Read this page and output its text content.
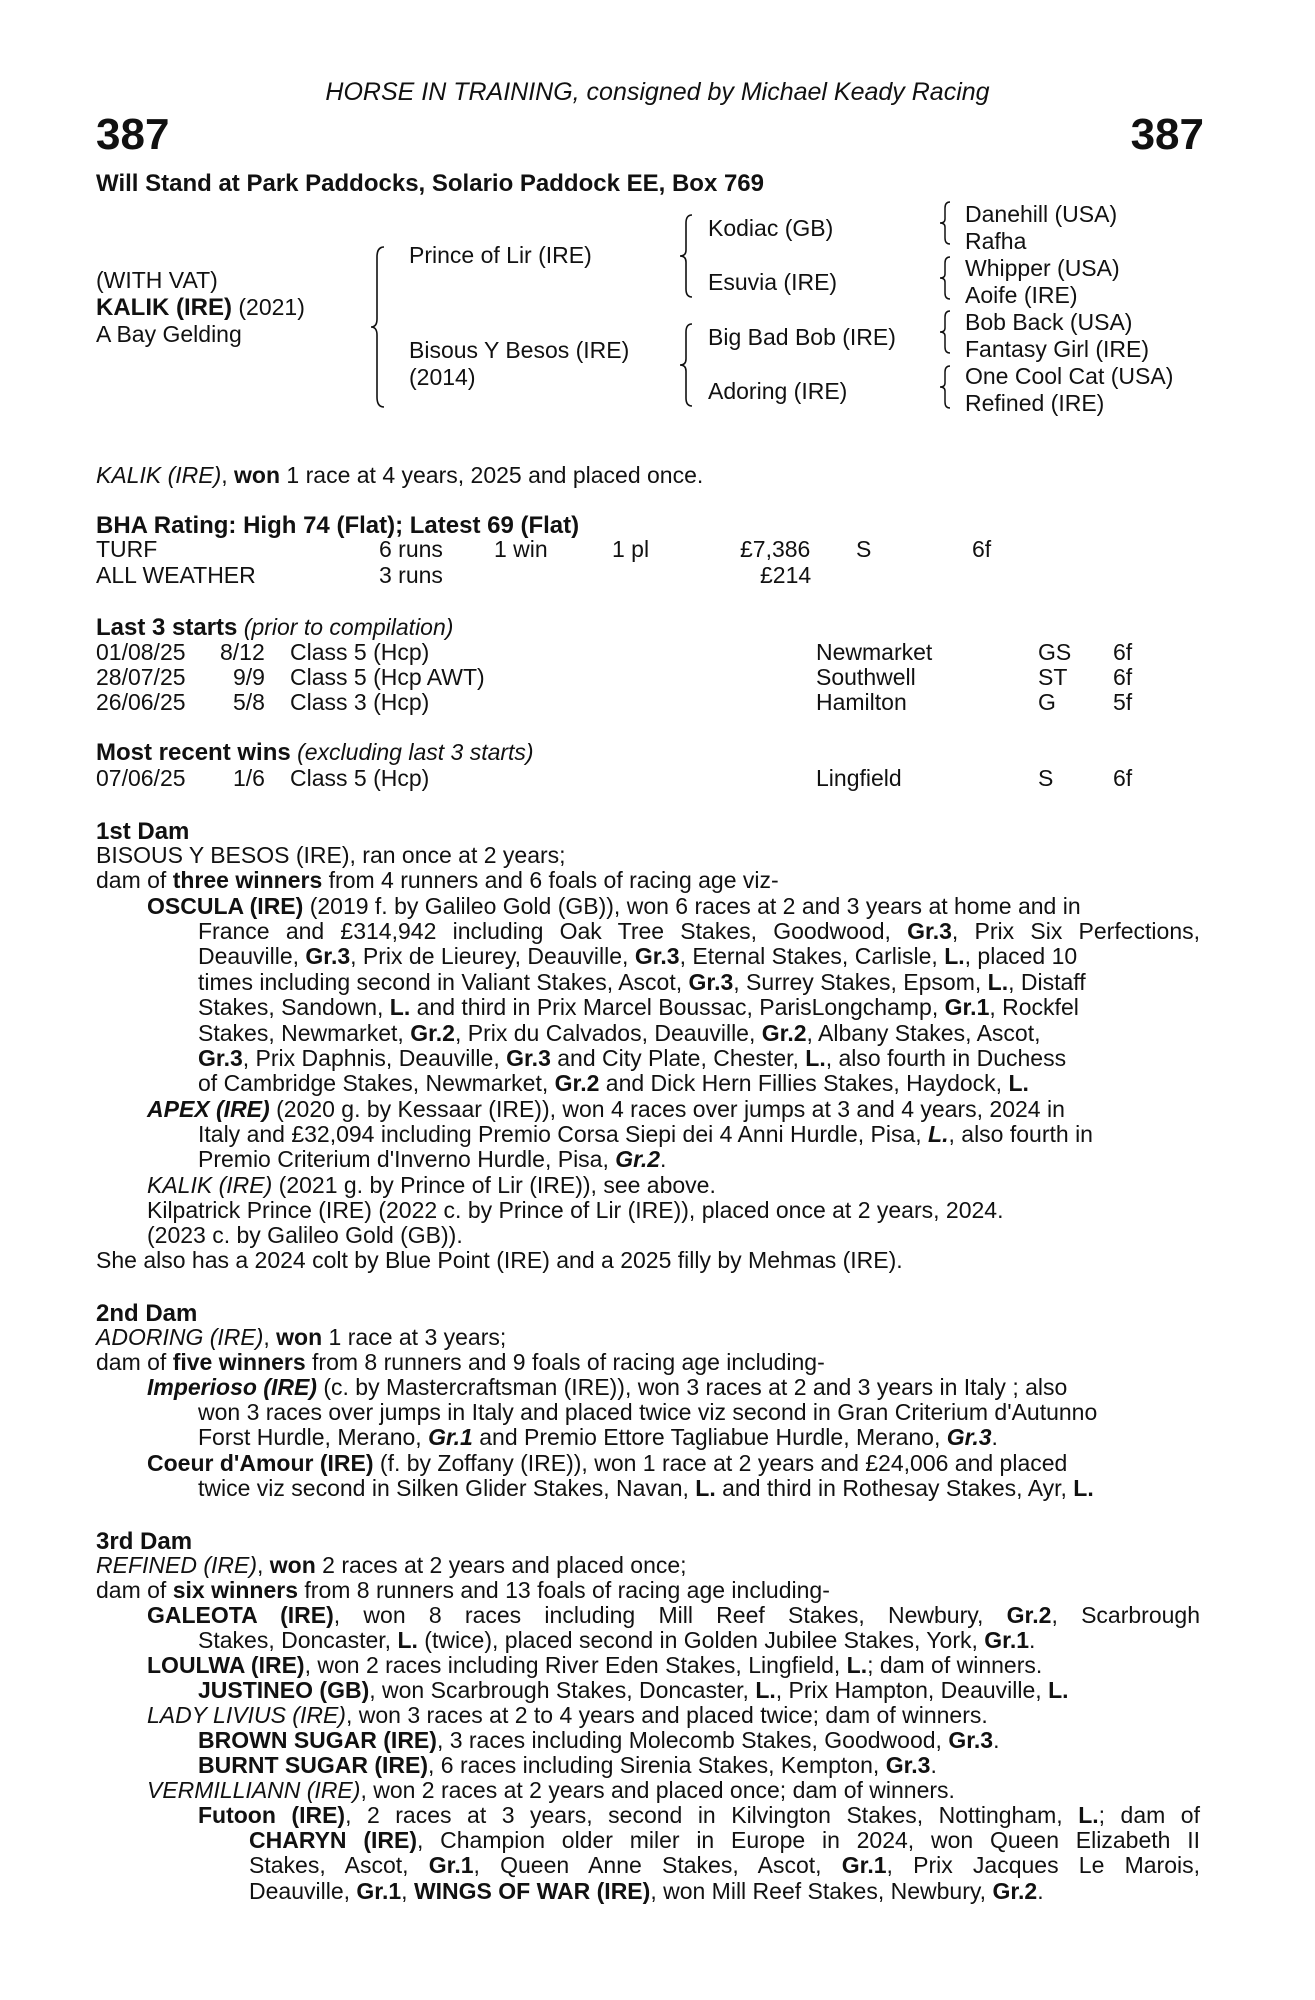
HORSE IN TRAINING, consigned by Michael Keady Racing
387	387
Will Stand at Park Paddocks, Solario Paddock EE, Box 769
(WITH VAT)
KALIK (IRE) (2021)
A Bay Gelding
Prince of Lir (IRE)
Bisous Y Besos (IRE)
(2014)
Kodiac (GB)
Esuvia (IRE)
Big Bad Bob (IRE)
Adoring (IRE)
Danehill (USA)
Rafha
Whipper (USA)
Aoife (IRE)
Bob Back (USA)
Fantasy Girl (IRE)
One Cool Cat (USA)
Refined (IRE)
KALIK (IRE), won 1 race at 4 years, 2025 and placed once.
BHA Rating: High 74 (Flat); Latest 69 (Flat)
TURF	6 runs 1 win	1 pl	£7,386 S	6f
ALL WEATHER	3 runs	£214
Last 3 starts (prior to compilation)
01/08/25 8/12 Class 5 (Hcp)	Newmarket	GS 6f
28/07/25 9/9 Class 5 (Hcp AWT)	Southwell	ST 6f
26/06/25 5/8 Class 3 (Hcp)	Hamilton	G 5f
Most recent wins (excluding last 3 starts)
07/06/25 1/6 Class 5 (Hcp)	Lingfield	S	6f
1st Dam
BISOUS Y BESOS (IRE), ran once at 2 years;
dam of three winners from 4 runners and 6 foals of racing age viz-
OSCULA (IRE) (2019 f. by Galileo Gold (GB)), won 6 races at 2 and 3 years at home and in
France and £314,942 including Oak Tree Stakes, Goodwood, Gr.3, Prix Six Perfections,
Deauville, Gr.3, Prix de Lieurey, Deauville, Gr.3, Eternal Stakes, Carlisle, L., placed 10
times including second in Valiant Stakes, Ascot, Gr.3, Surrey Stakes, Epsom, L., Distaff
Stakes, Sandown, L. and third in Prix Marcel Boussac, ParisLongchamp, Gr.1, Rockfel
Stakes, Newmarket, Gr.2, Prix du Calvados, Deauville, Gr.2, Albany Stakes, Ascot,
Gr.3, Prix Daphnis, Deauville, Gr.3 and City Plate, Chester, L., also fourth in Duchess
of Cambridge Stakes, Newmarket, Gr.2 and Dick Hern Fillies Stakes, Haydock, L.
APEX (IRE) (2020 g. by Kessaar (IRE)), won 4 races over jumps at 3 and 4 years, 2024 in
Italy and £32,094 including Premio Corsa Siepi dei 4 Anni Hurdle, Pisa, L., also fourth in
Premio Criterium d'Inverno Hurdle, Pisa, Gr.2.
KALIK (IRE) (2021 g. by Prince of Lir (IRE)), see above.
Kilpatrick Prince (IRE) (2022 c. by Prince of Lir (IRE)), placed once at 2 years, 2024.
(2023 c. by Galileo Gold (GB)).
She also has a 2024 colt by Blue Point (IRE) and a 2025 filly by Mehmas (IRE).
2nd Dam
ADORING (IRE), won 1 race at 3 years;
dam of five winners from 8 runners and 9 foals of racing age including-
Imperioso (IRE) (c. by Mastercraftsman (IRE)), won 3 races at 2 and 3 years in Italy ; also
won 3 races over jumps in Italy and placed twice viz second in Gran Criterium d'Autunno
Forst Hurdle, Merano, Gr.1 and Premio Ettore Tagliabue Hurdle, Merano, Gr.3.
Coeur d'Amour (IRE) (f. by Zoffany (IRE)), won 1 race at 2 years and £24,006 and placed
twice viz second in Silken Glider Stakes, Navan, L. and third in Rothesay Stakes, Ayr, L.
3rd Dam
REFINED (IRE), won 2 races at 2 years and placed once;
dam of six winners from 8 runners and 13 foals of racing age including-
GALEOTA (IRE), won 8 races including Mill Reef Stakes, Newbury, Gr.2, Scarbrough
Stakes, Doncaster, L. (twice), placed second in Golden Jubilee Stakes, York, Gr.1.
LOULWA (IRE), won 2 races including River Eden Stakes, Lingfield, L.; dam of winners.
JUSTINEO (GB), won Scarbrough Stakes, Doncaster, L., Prix Hampton, Deauville, L.
LADY LIVIUS (IRE), won 3 races at 2 to 4 years and placed twice; dam of winners.
BROWN SUGAR (IRE), 3 races including Molecomb Stakes, Goodwood, Gr.3.
BURNT SUGAR (IRE), 6 races including Sirenia Stakes, Kempton, Gr.3.
VERMILLIANN (IRE), won 2 races at 2 years and placed once; dam of winners.
Futoon (IRE), 2 races at 3 years, second in Kilvington Stakes, Nottingham, L.; dam of
CHARYN (IRE), Champion older miler in Europe in 2024, won Queen Elizabeth II
Stakes, Ascot, Gr.1, Queen Anne Stakes, Ascot, Gr.1, Prix Jacques Le Marois,
Deauville, Gr.1, WINGS OF WAR (IRE), won Mill Reef Stakes, Newbury, Gr.2.
